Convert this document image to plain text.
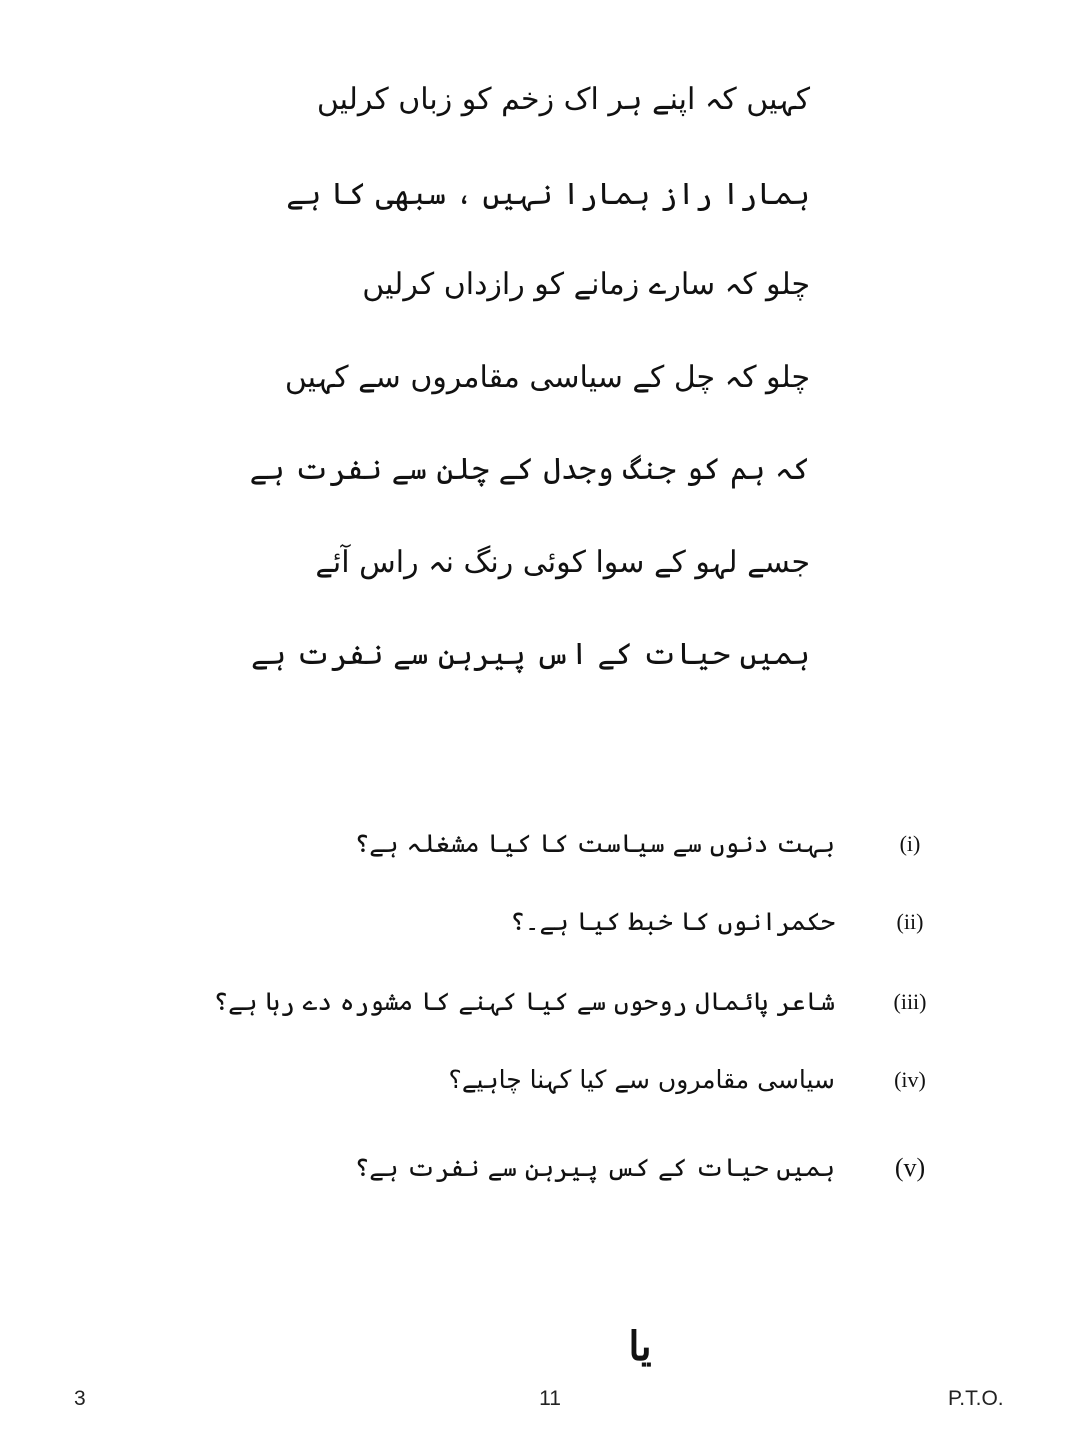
کہیں کہ اپنے ہر اک زخم کو زباں کرلیں
ہمارا راز ہمارا نہیں ، سبھی کا ہے
چلو کہ سارے زمانے کو رازداں کرلیں
چلو کہ چل کے سیاسی مقامروں سے کہیں
کہ ہم کو جنگ وجدل کے چلن سے نفرت ہے
جسے لہو کے سوا کوئی رنگ نہ راس آئے
ہمیں حیات کے اس پیرہن سے نفرت ہے
بہت دنوں سے سیاست کا کیا مشغلہ ہے؟	(i)
حکمرانوں کا خبط کیا ہے۔؟	(ii)
شاعر پائمال روحوں سے کیا کہنے کا مشورہ دے رہا ہے؟	(iii)
سیاسی مقامروں سے کیا کہنا چاہیے؟	(iv)
ہمیں حیات کے کس پیرہن سے نفرت ہے؟	(v)
یا
3	11	P.T.O.
